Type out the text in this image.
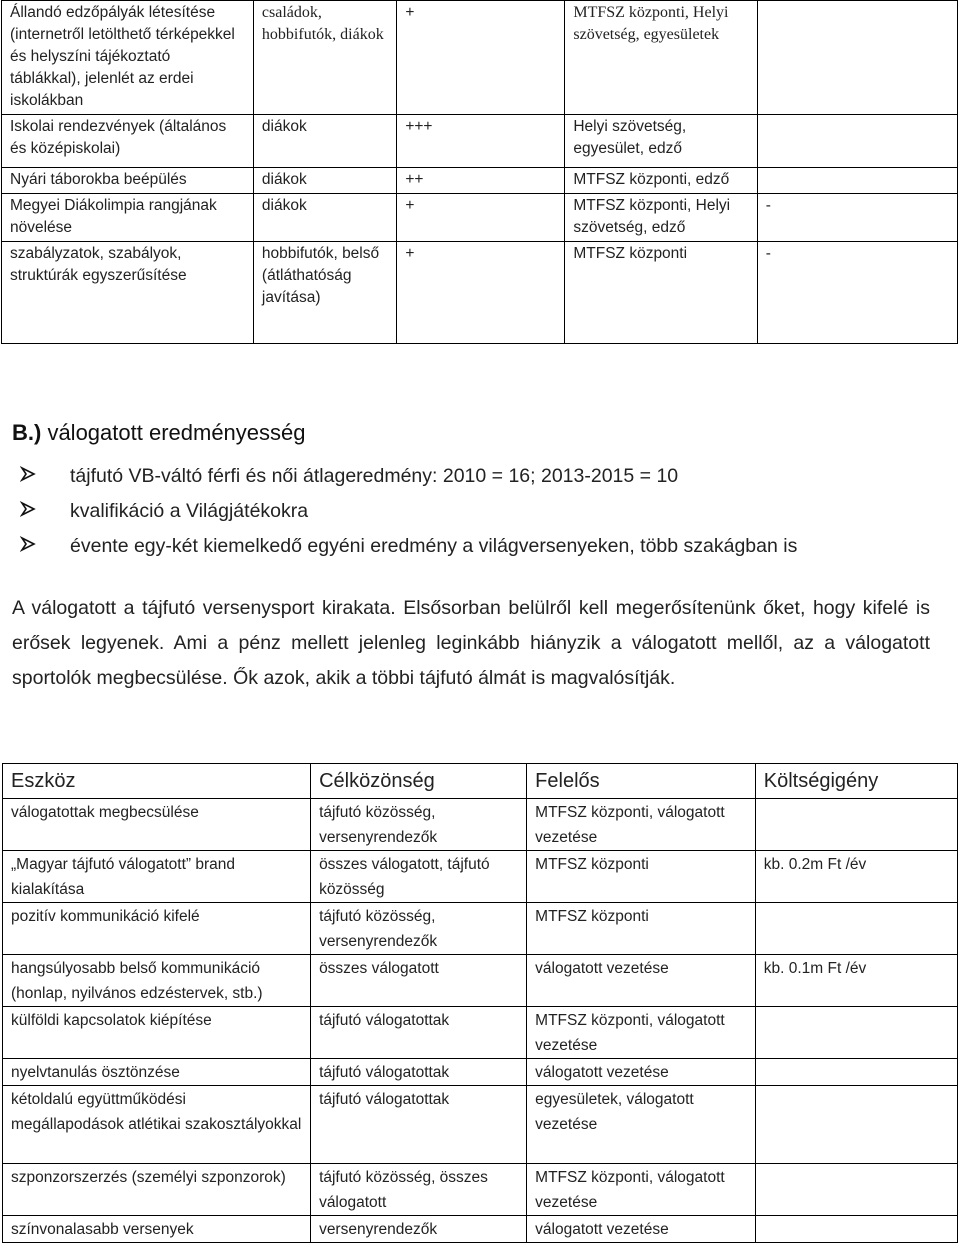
Állandó edzőpályák létesítése (internetről letölthető térképekkel és helyszíni tájékoztató táblákkal), jelenlét az erdei iskolákban	családok, hobbifutók, diákok	+	MTFSZ központi, Helyi szövetség, egyesületek	
Iskolai rendezvények (általános és középiskolai)	diákok	+++	Helyi szövetség, egyesület, edző	
Nyári táborokba beépülés	diákok	++	MTFSZ központi, edző	
Megyei Diákolimpia rangjának növelése	diákok	+	MTFSZ központi, Helyi szövetség, edző	-
szabályzatok, szabályok, struktúrák egyszerűsítése	hobbifutók, belső (átláthatóság javítása)	+	MTFSZ központi	-
B.) válogatott eredményesség
tájfutó VB-váltó férfi és női átlageredmény: 2010 = 16; 2013-2015 = 10
kvalifikáció a Világjátékokra
évente egy-két kiemelkedő egyéni eredmény a világversenyeken, több szakágban is

A válogatott a tájfutó versenysport kirakata. Elsősorban belülről kell megerősítenünk őket, hogy kifelé is erősek legyenek. Ami a pénz mellett jelenleg leginkább hiányzik a válogatott mellől, az a válogatott sportolók megbecsülése. Ők azok, akik a többi tájfutó álmát is magvalósítják.

Eszköz	Célközönség	Felelős	Költségigény
válogatottak megbecsülése	tájfutó közösség, versenyrendezők	MTFSZ központi, válogatott vezetése	
„Magyar tájfutó válogatott” brand kialakítása	összes válogatott, tájfutó közösség	MTFSZ központi	kb. 0.2m Ft /év
pozitív kommunikáció kifelé	tájfutó közösség, versenyrendezők	MTFSZ központi	
hangsúlyosabb belső kommunikáció (honlap, nyilvános edzéstervek, stb.)	összes válogatott	válogatott vezetése	kb. 0.1m Ft /év
külföldi kapcsolatok kiépítése	tájfutó válogatottak	MTFSZ központi, válogatott vezetése	
nyelvtanulás ösztönzése	tájfutó válogatottak	válogatott vezetése	
kétoldalú együttműködési megállapodások atlétikai szakosztályokkal	tájfutó válogatottak	egyesületek, válogatott vezetése	
szponzorszerzés (személyi szponzorok)	tájfutó közösség, összes válogatott	MTFSZ központi, válogatott vezetése	
színvonalasabb versenyek	versenyrendezők	válogatott vezetése	
